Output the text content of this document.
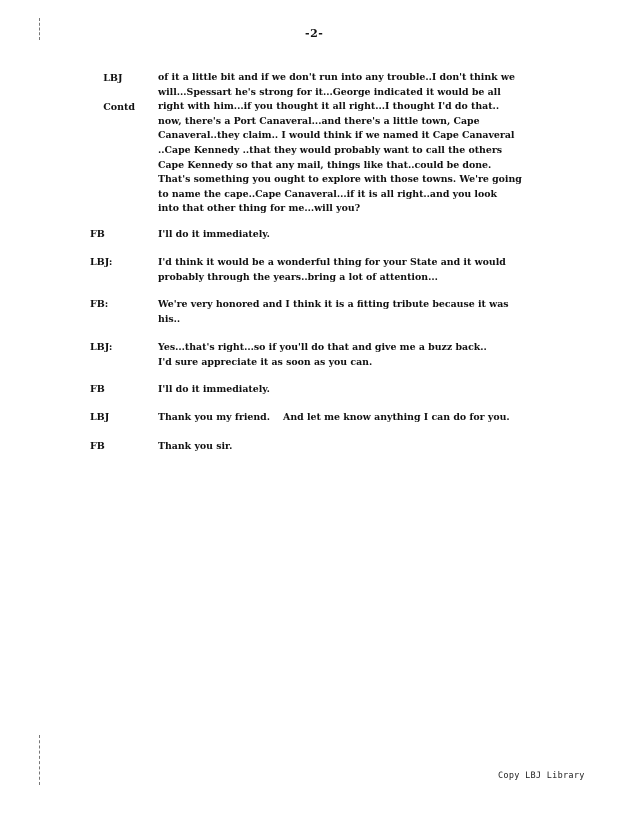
-2-

LBJ

Contd

of it a little bit and if we don't run into any trouble..I don't think we
will...Spessart he's strong for it...George indicated it would be all
right with him...if you thought it all right...I thought I'd do that..
now, there's a Port Canaveral...and there's a little town, Cape
Canaveral..they claim.. I would think if we named it Cape Canaveral
..Cape Kennedy ..that they would probably want to call the others
Cape Kennedy so that any mail, things like that..could be done.
That's something you ought to explore with those towns. We're going
to name the cape..Cape Canaveral...if it is all right..and you look
into that other thing for me...will you?
FB	I'll do it immediately.
LBJ:	I'd think it would be a wonderful thing for your State and it would
probably through the years..bring a lot of attention...
FB:	We're very honored and I think it is a fitting tribute because it was
his..
LBJ:	Yes...that's right...so if you'll do that and give me a buzz back..
I'd sure appreciate it as soon as you can.
FB	I'll do it immediately.
LBJ	Thank you my friend.    And let me know anything I can do for you.
FB	Thank you sir.
Copy LBJ Library
